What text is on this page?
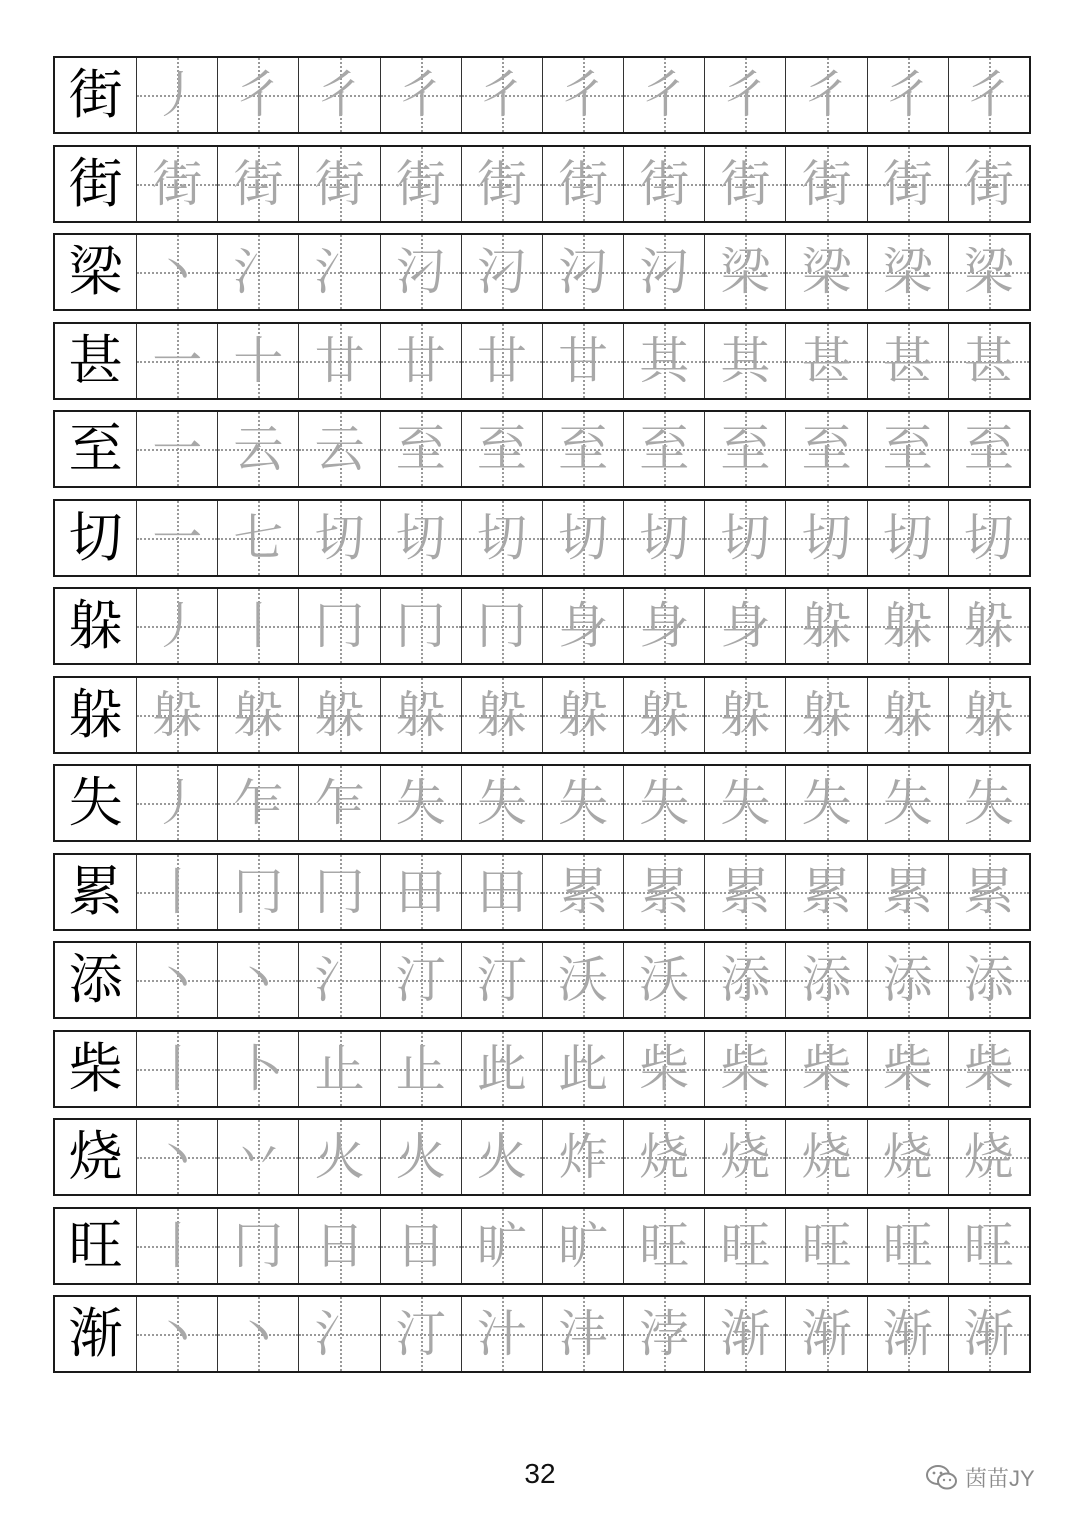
街 丿 彳 彳 彳 彳 彳 彳 彳 彳 彳 彳
街 街 街 街 街 街 街 街 街 街 街 街
梁 丶 氵 氵 汈 汈 汈 汈 梁 梁 梁 梁
甚 一 十 廿 廿 廿 甘 其 其 甚 甚 甚
至 一 云 云 至 至 至 至 至 至 至 至
切 一 七 切 切 切 切 切 切 切 切 切
躲 丿 丨 冂 冂 冂 身 身 身 躲 躲 躲
躲 躲 躲 躲 躲 躲 躲 躲 躲 躲 躲 躲
失 丿 乍 乍 失 失 失 失 失 失 失 失
累 丨 冂 冂 田 田 累 累 累 累 累 累
添 丶 丶 氵 汀 汀 沃 沃 添 添 添 添
柴 丨 卜 止 止 此 此 柴 柴 柴 柴 柴
烧 丶 丷 火 火 火 炸 烧 烧 烧 烧 烧
旺 丨 冂 日 日 旷 旷 旺 旺 旺 旺 旺
渐 丶 丶 氵 汀 汁 沣 浡 渐 渐 渐 渐
32	茵苗JY
